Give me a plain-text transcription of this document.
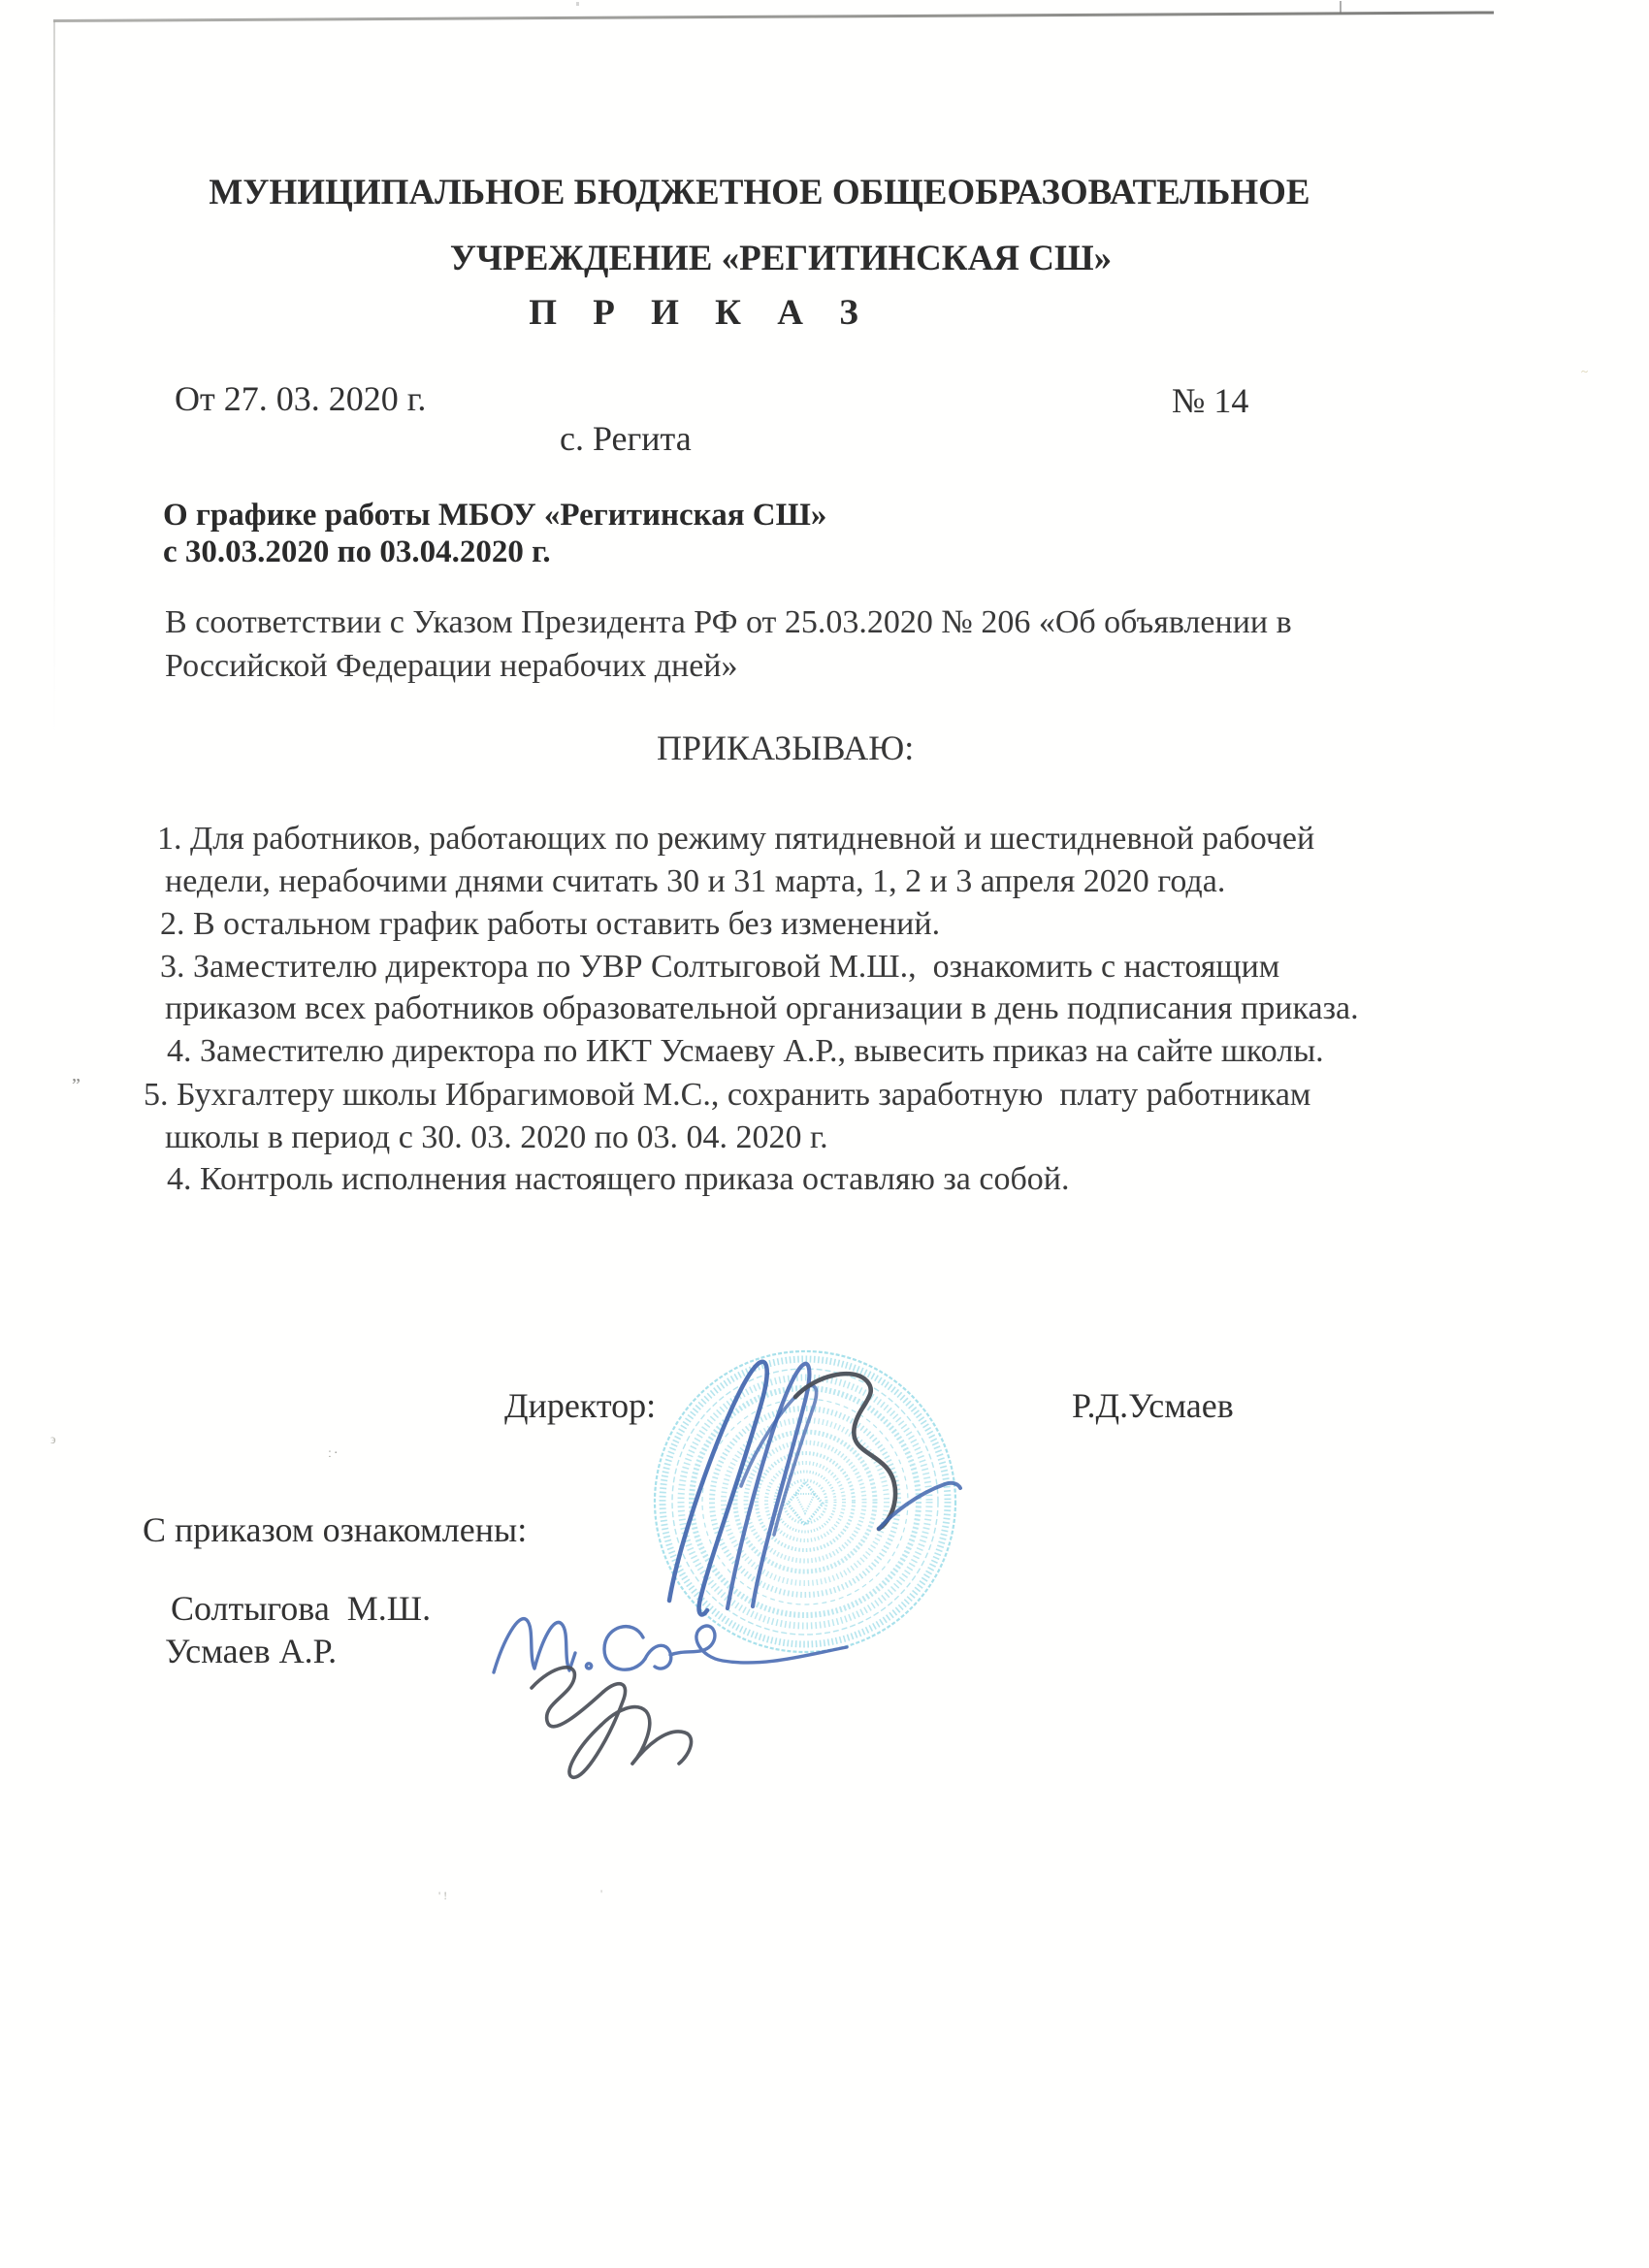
„
ː·
϶
' !	'
~
МУНИЦИПАЛЬНОЕ БЮДЖЕТНОЕ ОБЩЕОБРАЗОВАТЕЛЬНОЕ
УЧРЕЖДЕНИЕ «РЕГИТИНСКАЯ СШ»
П Р И К А З
От 27. 03. 2020 г.	№ 14
с. Регита
О графике работы МБОУ «Регитинская СШ»
с 30.03.2020 по 03.04.2020 г.
В соответствии с Указом Президента РФ от 25.03.2020 № 206 «Об объявлении в
Российской Федерации нерабочих дней»
ПРИКАЗЫВАЮ:
1. Для работников, работающих по режиму пятидневной и шестидневной рабочей
недели, нерабочими днями считать 30 и 31 марта, 1, 2 и 3 апреля 2020 года.
2. В остальном график работы оставить без изменений.
3. Заместителю директора по УВР Солтыговой М.Ш.,  ознакомить с настоящим
приказом всех работников образовательной организации в день подписания приказа.
4. Заместителю директора по ИКТ Усмаеву А.Р., вывесить приказ на сайте школы.
5. Бухгалтеру школы Ибрагимовой М.С., сохранить заработную  плату работникам
школы в период с 30. 03. 2020 по 03. 04. 2020 г.
4. Контроль исполнения настоящего приказа оставляю за собой.
Директор:	Р.Д.Усмаев

С приказом ознакомлены:
Солтыгова  М.Ш.
Усмаев А.Р.
